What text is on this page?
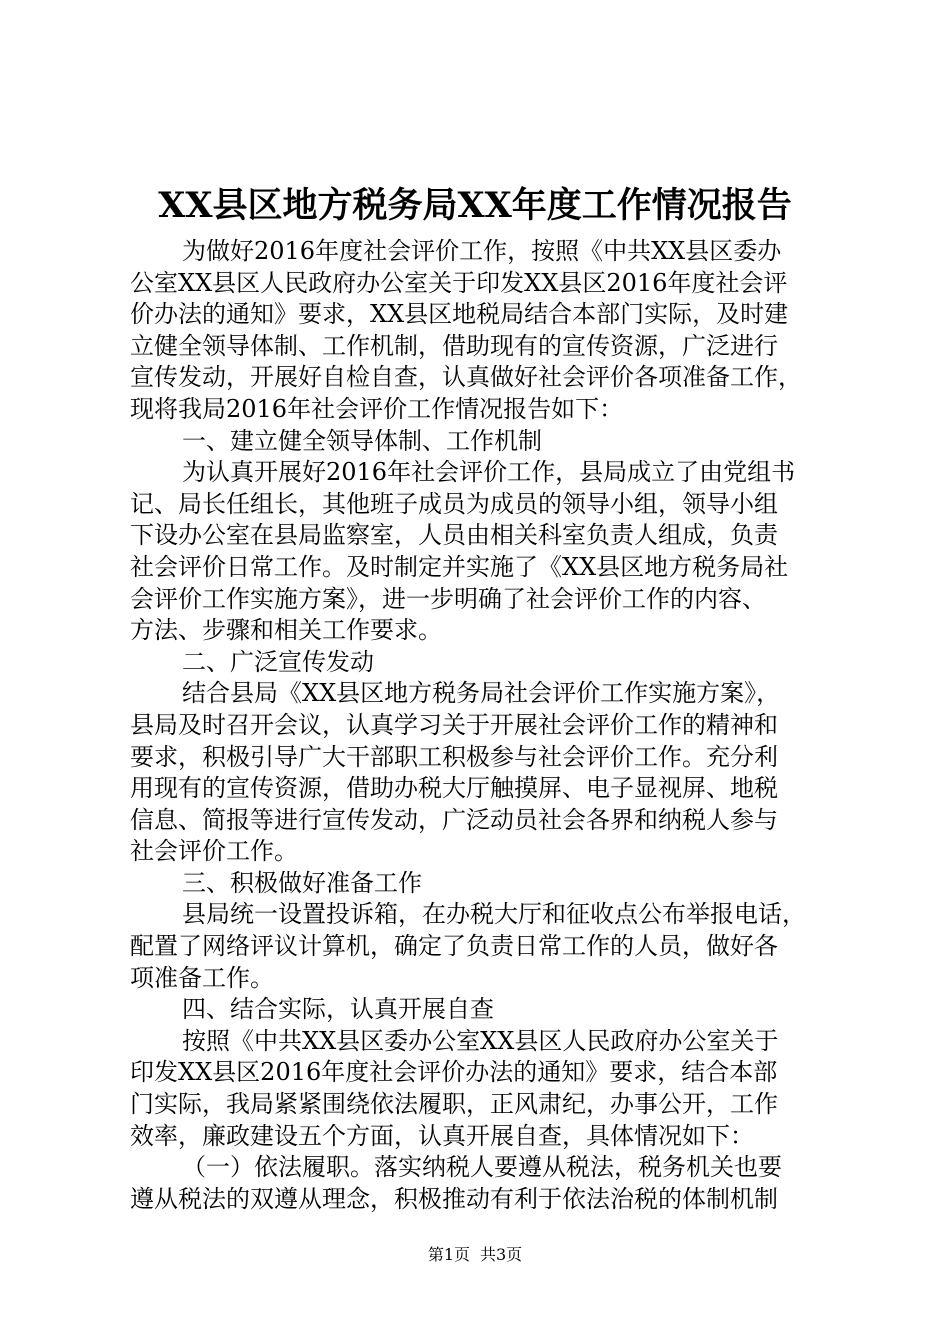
XX县区地方税务局XX年度工作情况报告
为做好2016年度社会评价工作，按照《中共XX县区委办
公室XX县区人民政府办公室关于印发XX县区2016年度社会评
价办法的通知》要求，XX县区地税局结合本部门实际，及时建
立健全领导体制、工作机制，借助现有的宣传资源，广泛进行
宣传发动，开展好自检自查，认真做好社会评价各项准备工作，
现将我局2016年社会评价工作情况报告如下：
一、建立健全领导体制、工作机制
为认真开展好2016年社会评价工作，县局成立了由党组书
记、局长任组长，其他班子成员为成员的领导小组，领导小组
下设办公室在县局监察室，人员由相关科室负责人组成，负责
社会评价日常工作。及时制定并实施了《XX县区地方税务局社
会评价工作实施方案》，进一步明确了社会评价工作的内容、
方法、步骤和相关工作要求。
二、广泛宣传发动
结合县局《XX县区地方税务局社会评价工作实施方案》，
县局及时召开会议，认真学习关于开展社会评价工作的精神和
要求，积极引导广大干部职工积极参与社会评价工作。充分利
用现有的宣传资源，借助办税大厅触摸屏、电子显视屏、地税
信息、简报等进行宣传发动，广泛动员社会各界和纳税人参与
社会评价工作。
三、积极做好准备工作
县局统一设置投诉箱，在办税大厅和征收点公布举报电话，
配置了网络评议计算机，确定了负责日常工作的人员，做好各
项准备工作。
四、结合实际，认真开展自查
按照《中共XX县区委办公室XX县区人民政府办公室关于
印发XX县区2016年度社会评价办法的通知》要求，结合本部
门实际，我局紧紧围绕依法履职，正风肃纪，办事公开，工作
效率，廉政建设五个方面，认真开展自查，具体情况如下：
（一）依法履职。落实纳税人要遵从税法，税务机关也要
遵从税法的双遵从理念，积极推动有利于依法治税的体制机制
第1页 共3页
